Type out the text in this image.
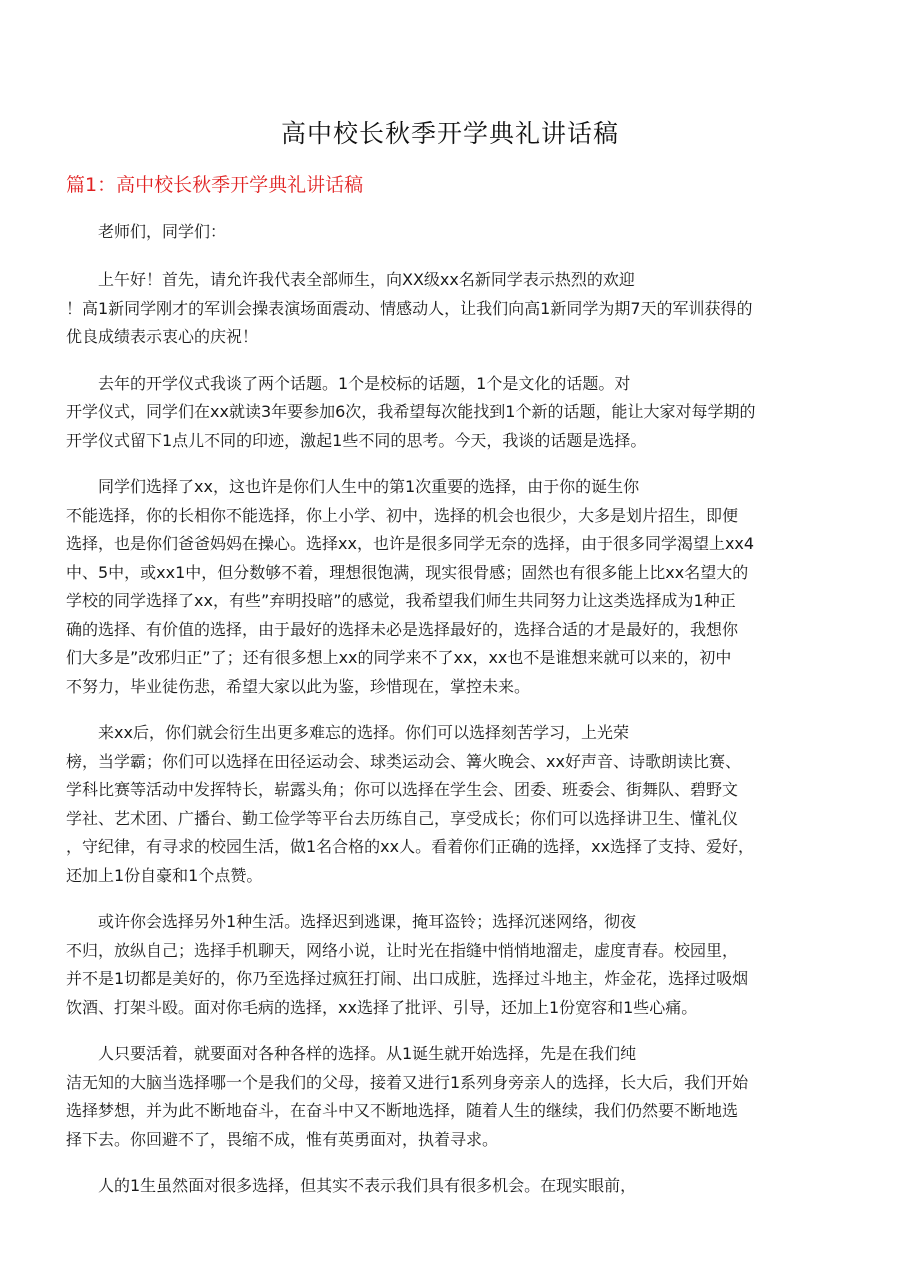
高中校长秋季开学典礼讲话稿
篇1：高中校长秋季开学典礼讲话稿

老师们，同学们：

上午好！首先，请允许我代表全部师生，向XX级xx名新同学表示热烈的欢迎
！高1新同学刚才的军训会操表演场面震动、情感动人，让我们向高1新同学为期7天的军训获得的
优良成绩表示衷心的庆祝！

去年的开学仪式我谈了两个话题。1个是校标的话题，1个是文化的话题。对
开学仪式，同学们在xx就读3年要参加6次，我希望每次能找到1个新的话题，能让大家对每学期的
开学仪式留下1点儿不同的印迹，激起1些不同的思考。今天，我谈的话题是选择。

同学们选择了xx，这也许是你们人生中的第1次重要的选择，由于你的诞生你
不能选择，你的长相你不能选择，你上小学、初中，选择的机会也很少，大多是划片招生，即便
选择，也是你们爸爸妈妈在操心。选择xx，也许是很多同学无奈的选择，由于很多同学渴望上xx4
中、5中，或xx1中，但分数够不着，理想很饱满，现实很骨感；固然也有很多能上比xx名望大的
学校的同学选择了xx，有些”弃明投暗”的感觉，我希望我们师生共同努力让这类选择成为1种正
确的选择、有价值的选择，由于最好的选择未必是选择最好的，选择合适的才是最好的，我想你
们大多是”改邪归正”了；还有很多想上xx的同学来不了xx，xx也不是谁想来就可以来的，初中
不努力，毕业徒伤悲，希望大家以此为鉴，珍惜现在，掌控未来。

来xx后，你们就会衍生出更多难忘的选择。你们可以选择刻苦学习，上光荣
榜，当学霸；你们可以选择在田径运动会、球类运动会、篝火晚会、xx好声音、诗歌朗读比赛、
学科比赛等活动中发挥特长，崭露头角；你可以选择在学生会、团委、班委会、街舞队、碧野文
学社、艺术团、广播台、勤工俭学等平台去历练自己，享受成长；你们可以选择讲卫生、懂礼仪
，守纪律，有寻求的校园生活，做1名合格的xx人。看着你们正确的选择，xx选择了支持、爱好，
还加上1份自豪和1个点赞。

或许你会选择另外1种生活。选择迟到逃课，掩耳盗铃；选择沉迷网络，彻夜
不归，放纵自己；选择手机聊天，网络小说，让时光在指缝中悄悄地溜走，虚度青春。校园里，
并不是1切都是美好的，你乃至选择过疯狂打闹、出口成脏，选择过斗地主，炸金花，选择过吸烟
饮酒、打架斗殴。面对你毛病的选择，xx选择了批评、引导，还加上1份宽容和1些心痛。

人只要活着，就要面对各种各样的选择。从1诞生就开始选择，先是在我们纯
洁无知的大脑当选择哪一个是我们的父母，接着又进行1系列身旁亲人的选择，长大后，我们开始
选择梦想，并为此不断地奋斗，在奋斗中又不断地选择，随着人生的继续，我们仍然要不断地选
择下去。你回避不了，畏缩不成，惟有英勇面对，执着寻求。

人的1生虽然面对很多选择，但其实不表示我们具有很多机会。在现实眼前，
